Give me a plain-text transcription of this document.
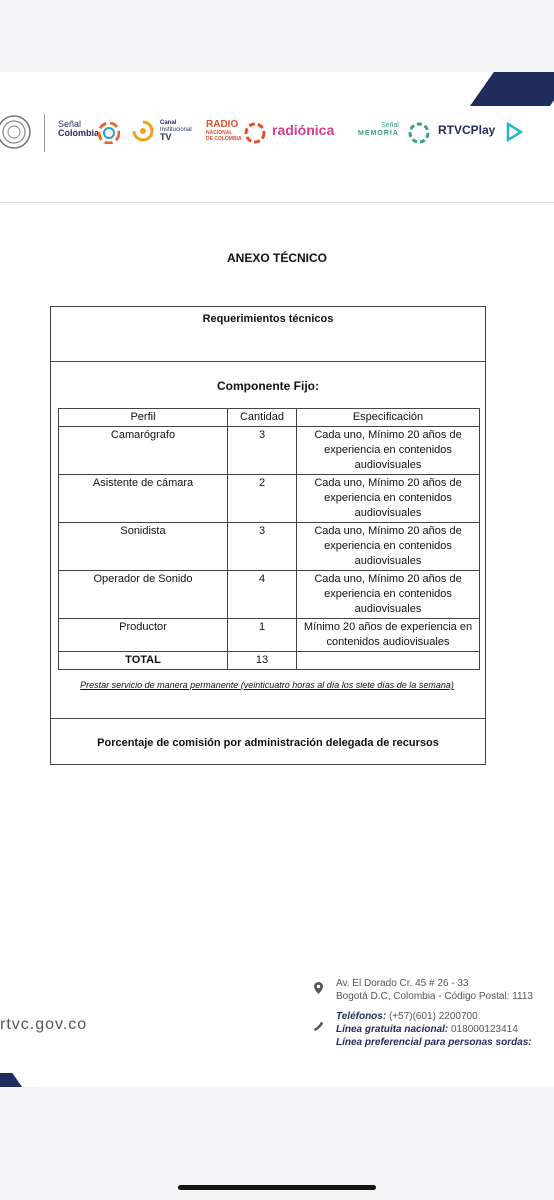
Señal
Colombia
Canal
Institucional
TV
RADIO
NACIONAL
DE COLOMBIA
radiónica	Señal
MEMORIA	RTVCPlay
ANEXO TÉCNICO
Requerimientos técnicos
Componente Fijo:
Perfil	Cantidad	Especificación
Camarógrafo	3	Cada uno, Mínimo 20 años de experiencia en contenidos audiovisuales
Asistente de cámara	2	Cada uno, Mínimo 20 años de experiencia en contenidos audiovisuales
Sonidista	3	Cada uno, Mínimo 20 años de experiencia en contenidos audiovisuales
Operador de Sonido	4	Cada uno, Mínimo 20 años de experiencia en contenidos audiovisuales
Productor	1	Mínimo 20 años de experiencia en contenidos audiovisuales
TOTAL	13	
Prestar servicio de manera permanente (veinticuatro horas al día los siete días de la semana)
Porcentaje de comisión por administración delegada de recursos
rtvc.gov.co
Av. El Dorado Cr. 45 # 26 - 33
Bogotá D.C, Colombia - Código Postal: 1113
Teléfonos: (+57)(601) 2200700
Línea gratuita nacional: 018000123414
Línea preferencial para personas sordas:
